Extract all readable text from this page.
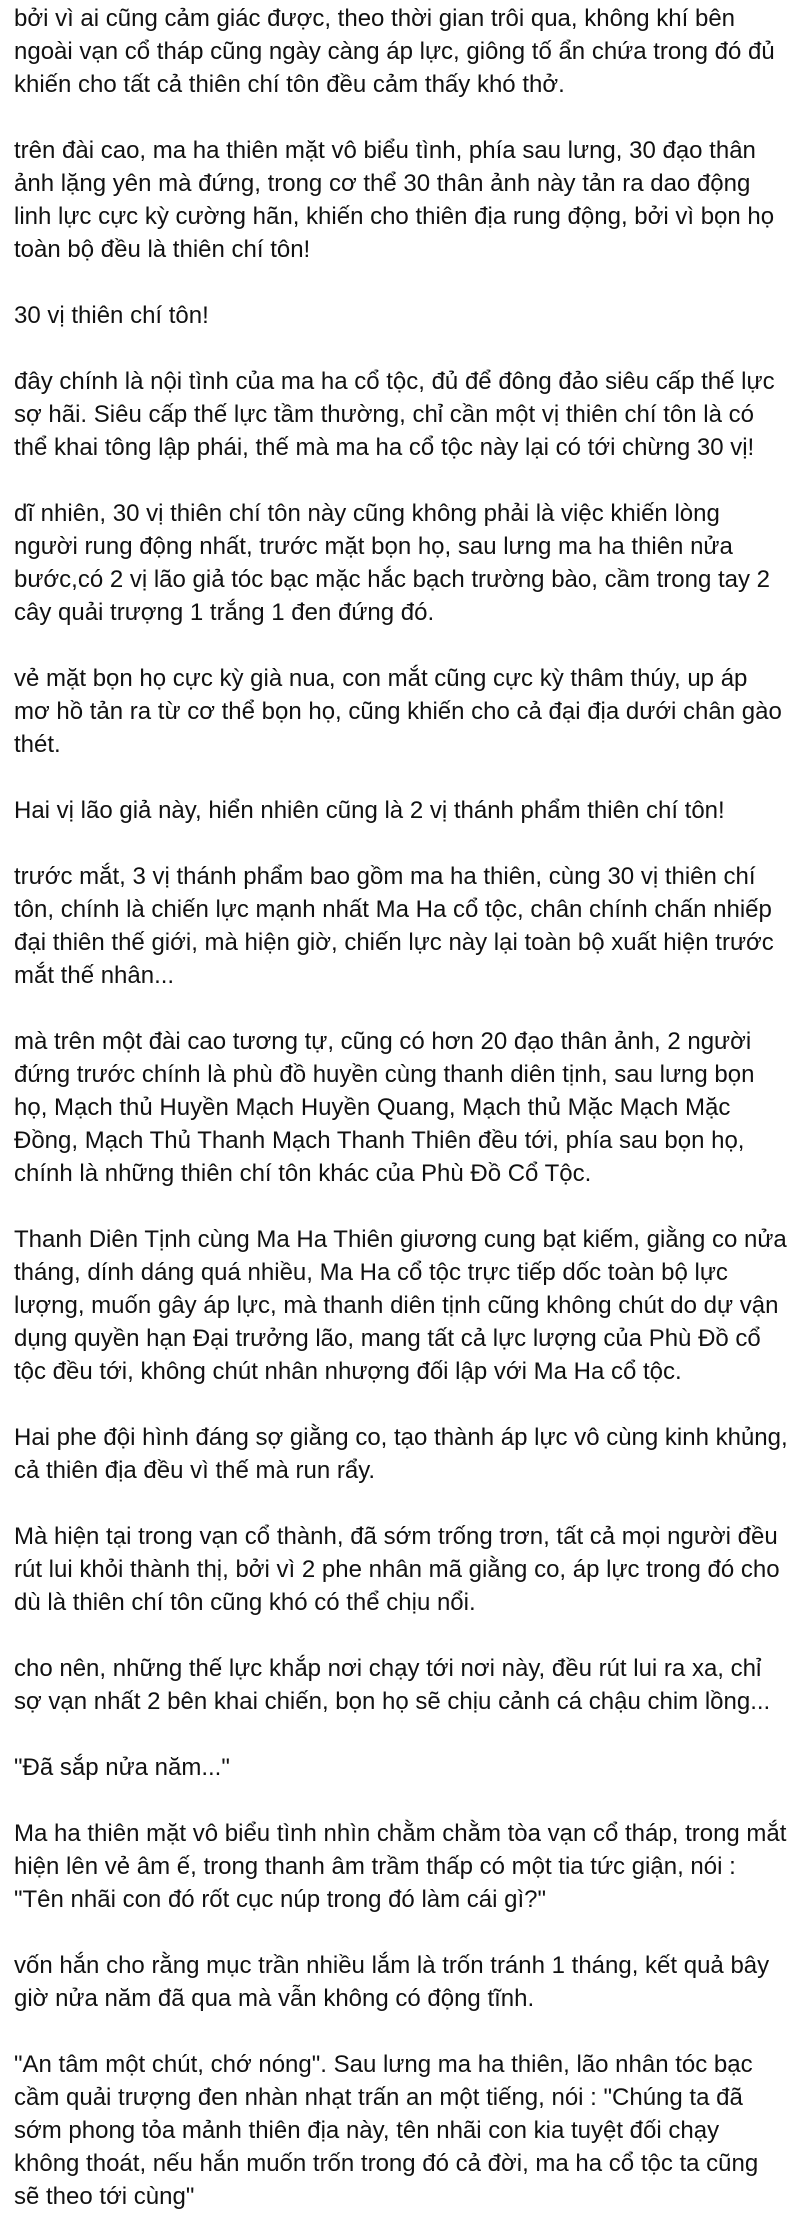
bởi vì ai cũng cảm giác được, theo thời gian trôi qua, không khí bên
ngoài vạn cổ tháp cũng ngày càng áp lực, giông tố ẩn chứa trong đó đủ
khiến cho tất cả thiên chí tôn đều cảm thấy khó thở.

trên đài cao, ma ha thiên mặt vô biểu tình, phía sau lưng, 30 đạo thân
ảnh lặng yên mà đứng, trong cơ thể 30 thân ảnh này tản ra dao động
linh lực cực kỳ cường hãn, khiến cho thiên địa rung động, bởi vì bọn họ
toàn bộ đều là thiên chí tôn!

30 vị thiên chí tôn!

đây chính là nội tình của ma ha cổ tộc, đủ để đông đảo siêu cấp thế lực
sợ hãi. Siêu cấp thế lực tầm thường, chỉ cần một vị thiên chí tôn là có
thể khai tông lập phái, thế mà ma ha cổ tộc này lại có tới chừng 30 vị!

dĩ nhiên, 30 vị thiên chí tôn này cũng không phải là việc khiến lòng
người rung động nhất, trước mặt bọn họ, sau lưng ma ha thiên nửa
bước,có 2 vị lão giả tóc bạc mặc hắc bạch trường bào, cầm trong tay 2
cây quải trượng 1 trắng 1 đen đứng đó.

vẻ mặt bọn họ cực kỳ già nua, con mắt cũng cực kỳ thâm thúy, up áp
mơ hồ tản ra từ cơ thể bọn họ, cũng khiến cho cả đại địa dưới chân gào
thét.

Hai vị lão giả này, hiển nhiên cũng là 2 vị thánh phẩm thiên chí tôn!

trước mắt, 3 vị thánh phẩm bao gồm ma ha thiên, cùng 30 vị thiên chí
tôn, chính là chiến lực mạnh nhất Ma Ha cổ tộc, chân chính chấn nhiếp
đại thiên thế giới, mà hiện giờ, chiến lực này lại toàn bộ xuất hiện trước
mắt thế nhân...

mà trên một đài cao tương tự, cũng có hơn 20 đạo thân ảnh, 2 người
đứng trước chính là phù đồ huyền cùng thanh diên tịnh, sau lưng bọn
họ, Mạch thủ Huyền Mạch Huyền Quang, Mạch thủ Mặc Mạch Mặc
Đồng, Mạch Thủ Thanh Mạch Thanh Thiên đều tới, phía sau bọn họ,
chính là những thiên chí tôn khác của Phù Đồ Cổ Tộc.

Thanh Diên Tịnh cùng Ma Ha Thiên giương cung bạt kiếm, giằng co nửa
tháng, dính dáng quá nhiều, Ma Ha cổ tộc trực tiếp dốc toàn bộ lực
lượng, muốn gây áp lực, mà thanh diên tịnh cũng không chút do dự vận
dụng quyền hạn Đại trưởng lão, mang tất cả lực lượng của Phù Đồ cổ
tộc đều tới, không chút nhân nhượng đối lập với Ma Ha cổ tộc.

Hai phe đội hình đáng sợ giằng co, tạo thành áp lực vô cùng kinh khủng,
cả thiên địa đều vì thế mà run rẩy.

Mà hiện tại trong vạn cổ thành, đã sớm trống trơn, tất cả mọi người đều
rút lui khỏi thành thị, bởi vì 2 phe nhân mã giằng co, áp lực trong đó cho
dù là thiên chí tôn cũng khó có thể chịu nổi.

cho nên, những thế lực khắp nơi chạy tới nơi này, đều rút lui ra xa, chỉ
sợ vạn nhất 2 bên khai chiến, bọn họ sẽ chịu cảnh cá chậu chim lồng...

"Đã sắp nửa năm..."

Ma ha thiên mặt vô biểu tình nhìn chằm chằm tòa vạn cổ tháp, trong mắt
hiện lên vẻ âm ế, trong thanh âm trầm thấp có một tia tức giận, nói :
"Tên nhãi con đó rốt cục núp trong đó làm cái gì?"

vốn hắn cho rằng mục trần nhiều lắm là trốn tránh 1 tháng, kết quả bây
giờ nửa năm đã qua mà vẫn không có động tĩnh.

"An tâm một chút, chớ nóng". Sau lưng ma ha thiên, lão nhân tóc bạc
cầm quải trượng đen nhàn nhạt trấn an một tiếng, nói : "Chúng ta đã
sớm phong tỏa mảnh thiên địa này, tên nhãi con kia tuyệt đối chạy
không thoát, nếu hắn muốn trốn trong đó cả đời, ma ha cổ tộc ta cũng
sẽ theo tới cùng"
